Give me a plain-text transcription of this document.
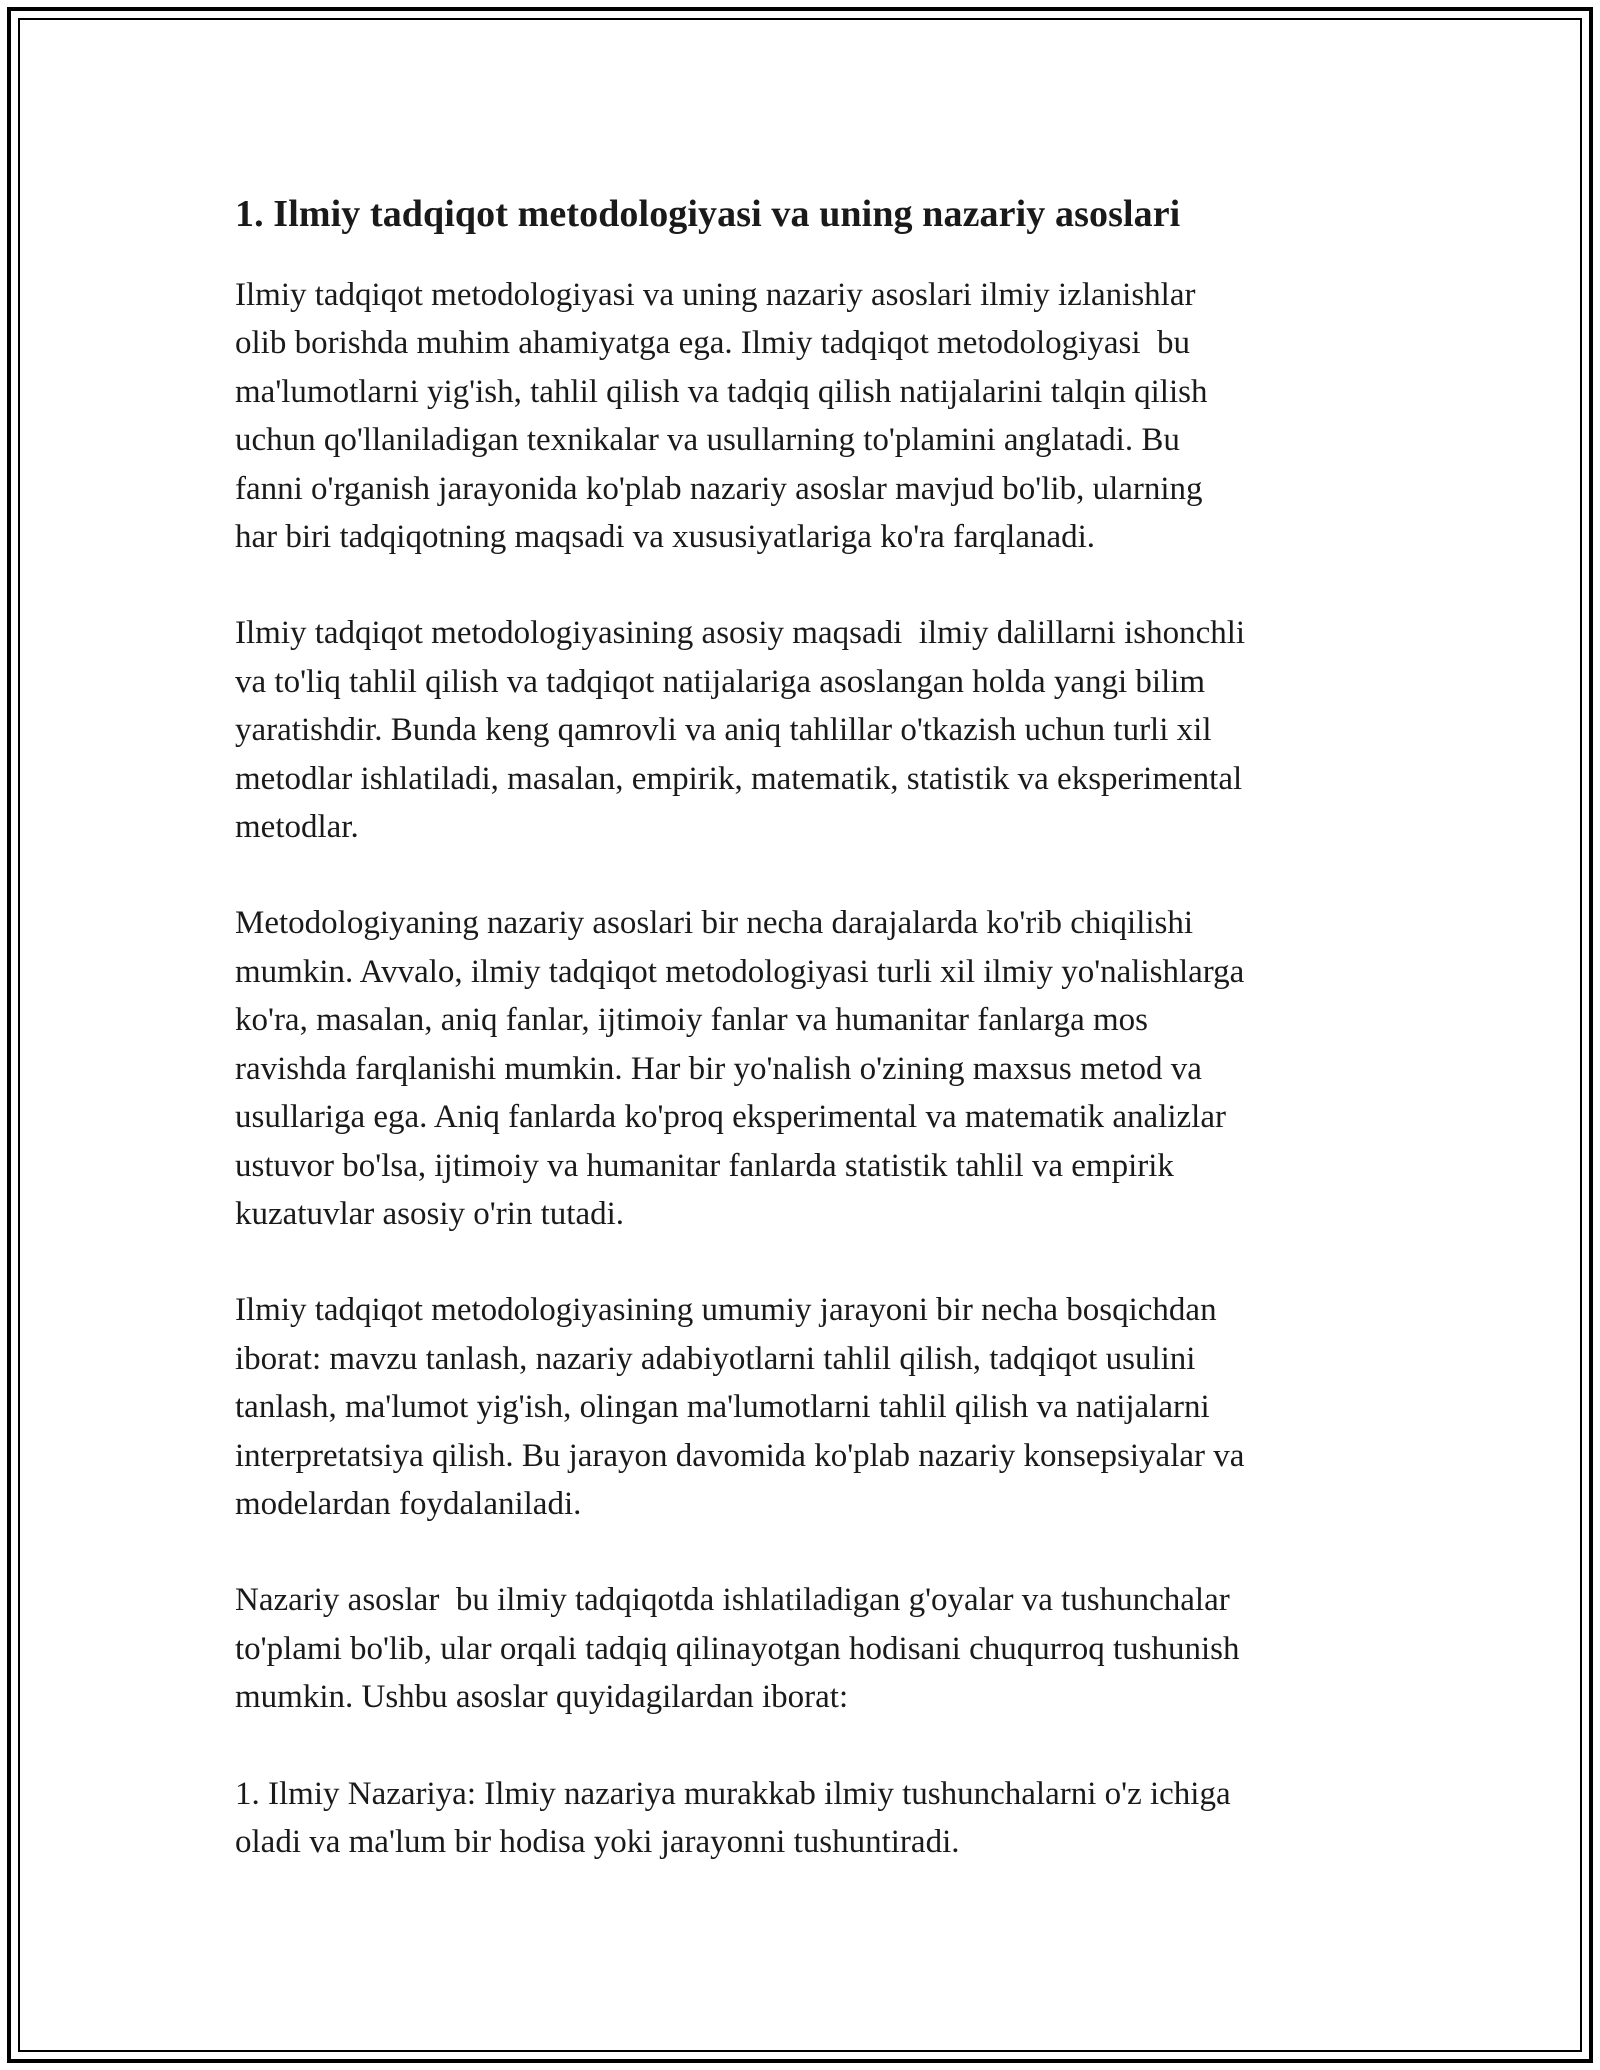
1. Ilmiy tadqiqot metodologiyasi va uning nazariy asoslari

Ilmiy tadqiqot metodologiyasi va uning nazariy asoslari ilmiy izlanishlar
olib borishda muhim ahamiyatga ega. Ilmiy tadqiqot metodologiyasi  bu
ma'lumotlarni yig'ish, tahlil qilish va tadqiq qilish natijalarini talqin qilish
uchun qo'llaniladigan texnikalar va usullarning to'plamini anglatadi. Bu
fanni o'rganish jarayonida ko'plab nazariy asoslar mavjud bo'lib, ularning
har biri tadqiqotning maqsadi va xususiyatlariga ko'ra farqlanadi.

Ilmiy tadqiqot metodologiyasining asosiy maqsadi  ilmiy dalillarni ishonchli
va to'liq tahlil qilish va tadqiqot natijalariga asoslangan holda yangi bilim
yaratishdir. Bunda keng qamrovli va aniq tahlillar o'tkazish uchun turli xil
metodlar ishlatiladi, masalan, empirik, matematik, statistik va eksperimental
metodlar.

Metodologiyaning nazariy asoslari bir necha darajalarda ko'rib chiqilishi
mumkin. Avvalo, ilmiy tadqiqot metodologiyasi turli xil ilmiy yo'nalishlarga
ko'ra, masalan, aniq fanlar, ijtimoiy fanlar va humanitar fanlarga mos
ravishda farqlanishi mumkin. Har bir yo'nalish o'zining maxsus metod va
usullariga ega. Aniq fanlarda ko'proq eksperimental va matematik analizlar
ustuvor bo'lsa, ijtimoiy va humanitar fanlarda statistik tahlil va empirik
kuzatuvlar asosiy o'rin tutadi.

Ilmiy tadqiqot metodologiyasining umumiy jarayoni bir necha bosqichdan
iborat: mavzu tanlash, nazariy adabiyotlarni tahlil qilish, tadqiqot usulini
tanlash, ma'lumot yig'ish, olingan ma'lumotlarni tahlil qilish va natijalarni
interpretatsiya qilish. Bu jarayon davomida ko'plab nazariy konsepsiyalar va
modelardan foydalaniladi.

Nazariy asoslar  bu ilmiy tadqiqotda ishlatiladigan g'oyalar va tushunchalar
to'plami bo'lib, ular orqali tadqiq qilinayotgan hodisani chuqurroq tushunish
mumkin. Ushbu asoslar quyidagilardan iborat:

1. Ilmiy Nazariya: Ilmiy nazariya murakkab ilmiy tushunchalarni o'z ichiga
oladi va ma'lum bir hodisa yoki jarayonni tushuntiradi.
